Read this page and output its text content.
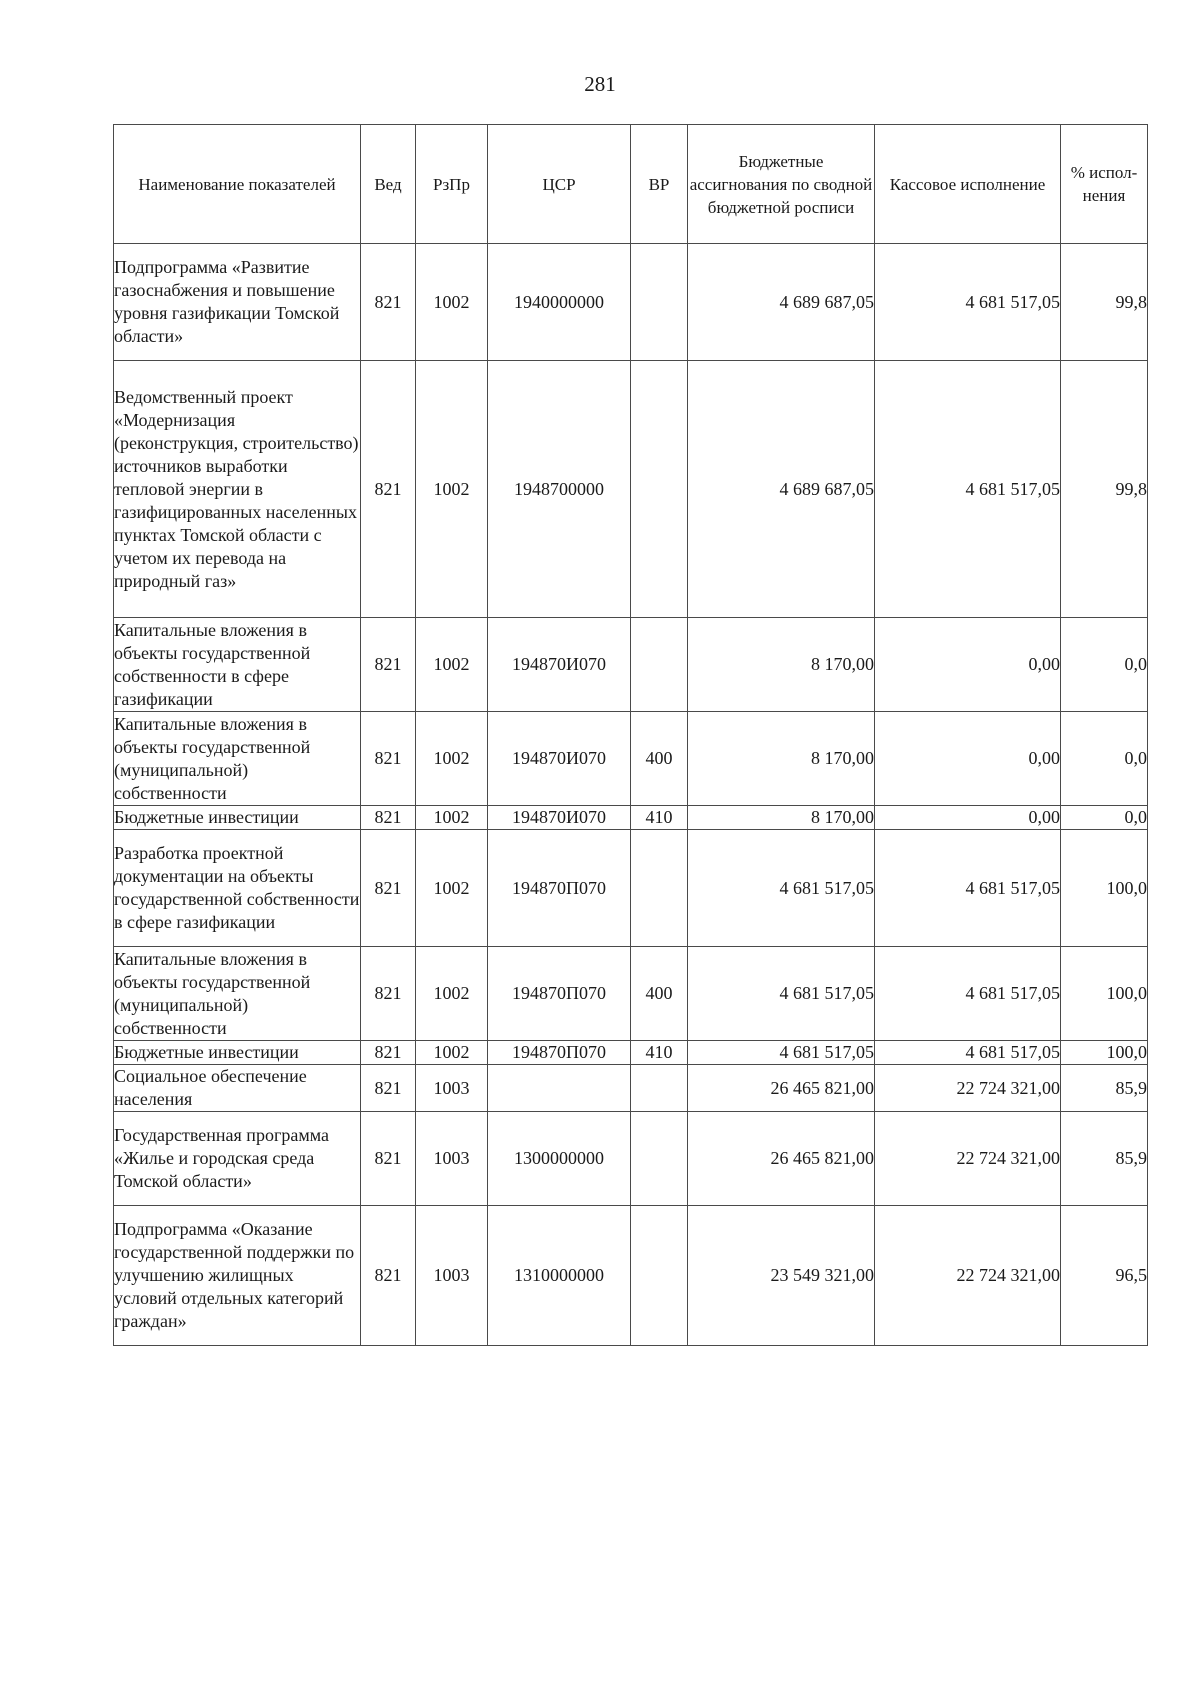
281
Наименование показателей	Вед	РзПр	ЦСР	ВР	Бюджетные ассигнования по сводной бюджетной росписи	Кассовое исполнение	% испол-нения
Подпрограмма «Развитие газоснабжения и повышение уровня газификации Томской области»	821	1002	1940000000		4 689 687,05	4 681 517,05	99,8
Ведомственный проект «Модернизация (реконструкция, строительство) источников выработки тепловой энергии в газифицированных населенных пунктах Томской области с учетом их перевода на природный газ»	821	1002	1948700000		4 689 687,05	4 681 517,05	99,8
Капитальные вложения в объекты государственной собственности в сфере газификации	821	1002	194870И070		8 170,00	0,00	0,0
Капитальные вложения в объекты государственной (муниципальной) собственности	821	1002	194870И070	400	8 170,00	0,00	0,0
Бюджетные инвестиции	821	1002	194870И070	410	8 170,00	0,00	0,0
Разработка проектной документации на объекты государственной собственности в сфере газификации	821	1002	194870П070		4 681 517,05	4 681 517,05	100,0
Капитальные вложения в объекты государственной (муниципальной) собственности	821	1002	194870П070	400	4 681 517,05	4 681 517,05	100,0
Бюджетные инвестиции	821	1002	194870П070	410	4 681 517,05	4 681 517,05	100,0
Социальное обеспечение населения	821	1003			26 465 821,00	22 724 321,00	85,9
Государственная программа «Жилье и городская среда Томской области»	821	1003	1300000000		26 465 821,00	22 724 321,00	85,9
Подпрограмма «Оказание государственной поддержки по улучшению жилищных условий отдельных категорий граждан»	821	1003	1310000000		23 549 321,00	22 724 321,00	96,5
